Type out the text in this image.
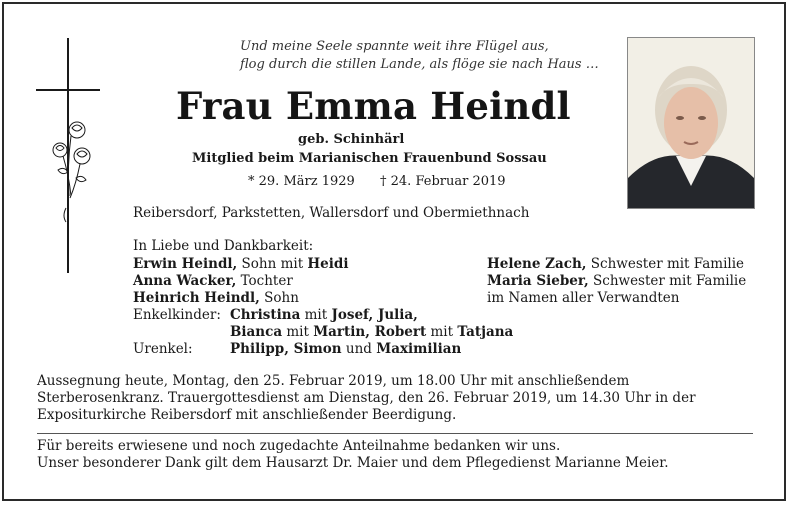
Und meine Seele spannte weit ihre Flügel aus,
flog durch die stillen Lande, als flöge sie nach Haus …
Frau Emma Heindl
geb. Schinhärl
Mitglied beim Marianischen Frauenbund Sossau
* 29. März 1929 † 24. Februar 2019
Reibersdorf, Parkstetten, Wallersdorf und Obermiethnach
In Liebe und Dankbarkeit:
Erwin Heindl, Sohn mit Heidi
Anna Wacker, Tochter
Heinrich Heindl, Sohn
Helene Zach, Schwester mit Familie
Maria Sieber, Schwester mit Familie
im Namen aller Verwandten
Enkelkinder: Christina mit Josef, Julia,
Bianca mit Martin, Robert mit Tatjana
Urenkel:	Philipp, Simon und Maximilian
Aussegnung heute, Montag, den 25. Februar 2019, um 18.00 Uhr mit anschließendem Sterberosenkranz. Trauergottesdienst am Dienstag, den 26. Februar 2019, um 14.30 Uhr in der Expositurkirche Reibersdorf mit anschließender Beerdigung.
Für bereits erwiesene und noch zugedachte Anteilnahme bedanken wir uns.
Unser besonderer Dank gilt dem Hausarzt Dr. Maier und dem Pflegedienst Marianne Meier.
